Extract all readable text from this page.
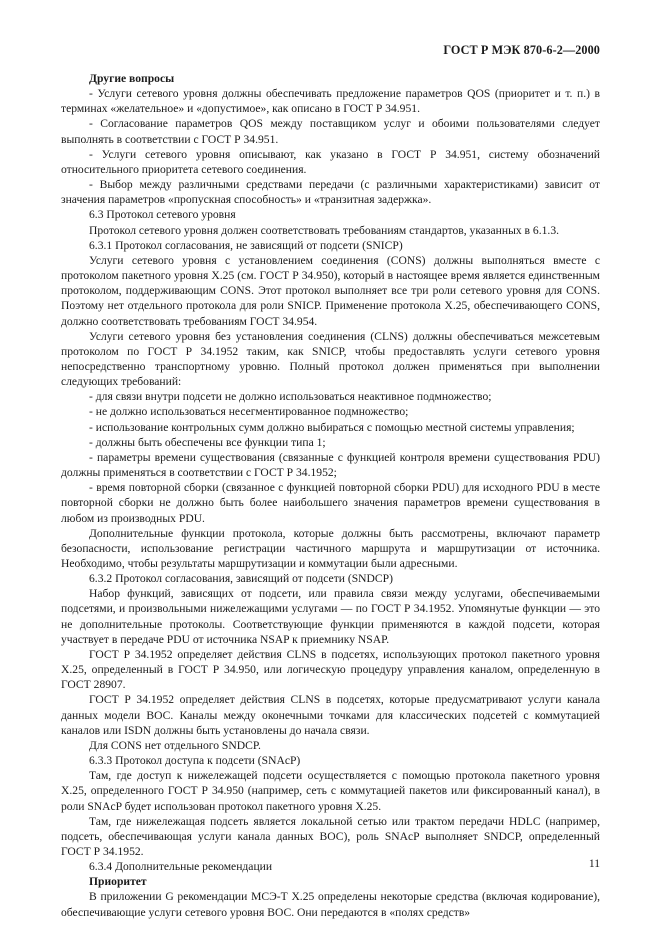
ГОСТ Р МЭК 870-6-2—2000

Другие вопросы

- Услуги сетевого уровня должны обеспечивать предложение параметров QOS (приоритет и т. п.) в терминах «желательное» и «допустимое», как описано в ГОСТ Р 34.951.

- Согласование параметров QOS между поставщиком услуг и обоими пользователями следует выполнять в соответствии с ГОСТ Р 34.951.

- Услуги сетевого уровня описывают, как указано в ГОСТ Р 34.951, систему обозначений относительного приоритета сетевого соединения.

- Выбор между различными средствами передачи (с различными характеристиками) зависит от значения параметров «пропускная способность» и «транзитная задержка».

6.3 Протокол сетевого уровня

Протокол сетевого уровня должен соответствовать требованиям стандартов, указанных в 6.1.3.

6.3.1 Протокол согласования, не зависящий от подсети (SNICP)

Услуги сетевого уровня с установлением соединения (CONS) должны выполняться вместе с протоколом пакетного уровня Х.25 (см. ГОСТ Р 34.950), который в настоящее время является единственным протоколом, поддерживающим CONS. Этот протокол выполняет все три роли сетевого уровня для CONS. Поэтому нет отдельного протокола для роли SNICP. Применение протокола Х.25, обеспечивающего CONS, должно соответствовать требованиям ГОСТ 34.954.

Услуги сетевого уровня без установления соединения (CLNS) должны обеспечиваться межсетевым протоколом по ГОСТ Р 34.1952 таким, как SNICP, чтобы предоставлять услуги сетевого уровня непосредственно транспортному уровню. Полный протокол должен применяться при выполнении следующих требований:

- для связи внутри подсети не должно использоваться неактивное подмножество;

- не должно использоваться несегментированное подмножество;

- использование контрольных сумм должно выбираться с помощью местной системы управления;

- должны быть обеспечены все функции типа 1;

- параметры времени существования (связанные с функцией контроля времени существования PDU) должны применяться в соответствии с ГОСТ Р 34.1952;

- время повторной сборки (связанное с функцией повторной сборки PDU) для исходного PDU в месте повторной сборки не должно быть более наибольшего значения параметров времени существования в любом из производных PDU.

Дополнительные функции протокола, которые должны быть рассмотрены, включают параметр безопасности, использование регистрации частичного маршрута и маршрутизации от источника. Необходимо, чтобы результаты маршрутизации и коммутации были адресными.

6.3.2 Протокол согласования, зависящий от подсети (SNDCP)

Набор функций, зависящих от подсети, или правила связи между услугами, обеспечиваемыми подсетями, и произвольными нижележащими услугами — по ГОСТ Р 34.1952. Упомянутые функции — это не дополнительные протоколы. Соответствующие функции применяются в каждой подсети, которая участвует в передаче PDU от источника NSAP к приемнику NSAP.

ГОСТ Р 34.1952 определяет действия CLNS в подсетях, использующих протокол пакетного уровня Х.25, определенный в ГОСТ Р 34.950, или логическую процедуру управления каналом, определенную в ГОСТ 28907.

ГОСТ Р 34.1952 определяет действия CLNS в подсетях, которые предусматривают услуги канала данных модели ВОС. Каналы между оконечными точками для классических подсетей с коммутацией каналов или ISDN должны быть установлены до начала связи.

Для CONS нет отдельного SNDCP.

6.3.3 Протокол доступа к подсети (SNAcP)

Там, где доступ к нижележащей подсети осуществляется с помощью протокола пакетного уровня Х.25, определенного ГОСТ Р 34.950 (например, сеть с коммутацией пакетов или фиксированный канал), в роли SNAcP будет использован протокол пакетного уровня Х.25.

Там, где нижележащая подсеть является локальной сетью или трактом передачи HDLC (например, подсеть, обеспечивающая услуги канала данных ВОС), роль SNAcP выполняет SNDCP, определенный ГОСТ Р 34.1952.

6.3.4 Дополнительные рекомендации

Приоритет

В приложении G рекомендации МСЭ-Т Х.25 определены некоторые средства (включая кодирование), обеспечивающие услуги сетевого уровня ВОС. Они передаются в «полях средств»

11
